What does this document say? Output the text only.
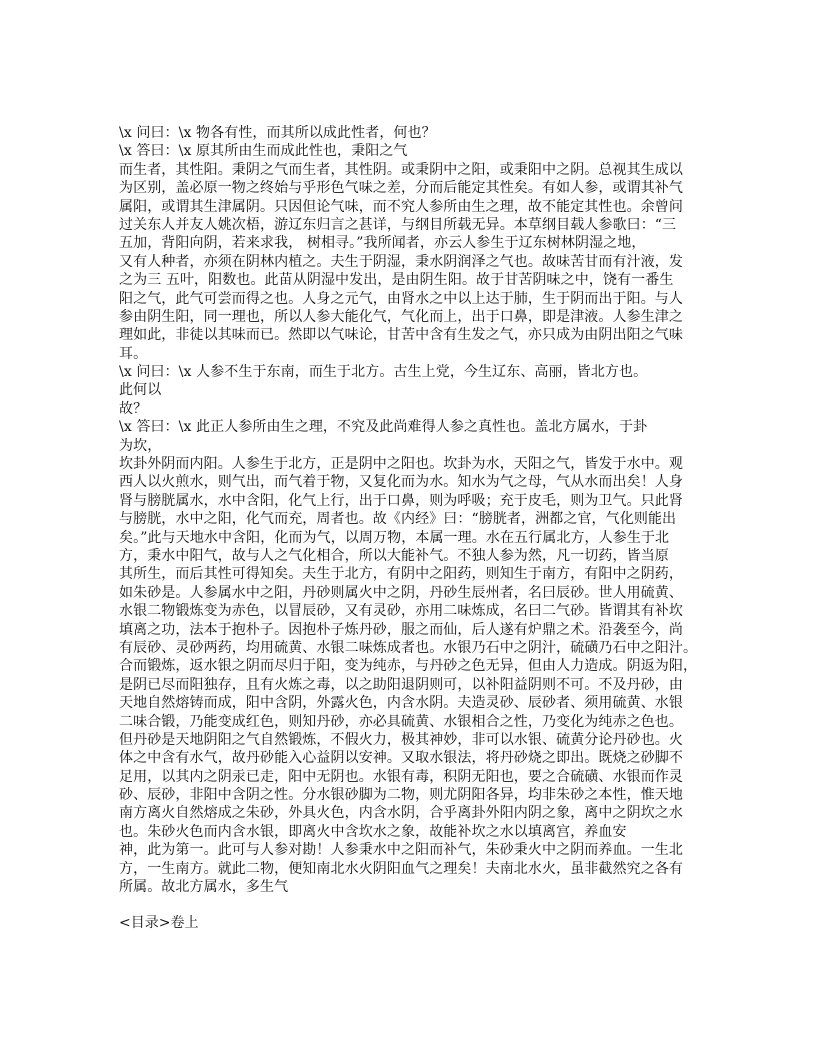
\x 问曰：\x 物各有性，而其所以成此性者，何也？
\x 答曰：\x 原其所由生而成此性也，秉阳之气
而生者，其性阳。秉阴之气而生者，其性阴。或秉阴中之阳，或秉阳中之阴。总视其生成以
为区别，盖必原一物之终始与乎形色气味之差，分而后能定其性矣。有如人参，或谓其补气
属阳，或谓其生津属阴。只因但论气味，而不究人参所由生之理，故不能定其性也。余曾问
过关东人并友人姚次梧，游辽东归言之甚详，与纲目所载无异。本草纲目载人参歌曰：“三
五加，背阳向阴，若来求我， 树相寻。”我所闻者，亦云人参生于辽东树林阴湿之地，
又有人种者，亦须在阴林内植之。夫生于阴湿，秉水阴润泽之气也。故味苦甘而有汁液，发
之为三 五叶，阳数也。此苗从阴湿中发出，是由阴生阳。故于甘苦阴味之中，饶有一番生
阳之气，此气可尝而得之也。人身之元气，由肾水之中以上达于肺，生于阴而出于阳。与人
参由阴生阳，同一理也，所以人参大能化气，气化而上，出于口鼻，即是津液。人参生津之
理如此，非徒以其味而已。然即以气味论，甘苦中含有生发之气，亦只成为由阴出阳之气味
耳。
\x 问曰：\x 人参不生于东南，而生于北方。古生上党，今生辽东、高丽，皆北方也。
此何以
故？
\x 答曰：\x 此正人参所由生之理，不究及此尚难得人参之真性也。盖北方属水，于卦
为坎，
坎卦外阴而内阳。人参生于北方，正是阴中之阳也。坎卦为水，天阳之气，皆发于水中。观
西人以火煎水，则气出，而气着于物，又复化而为水。知水为气之母，气从水而出矣！人身
肾与膀胱属水，水中含阳，化气上行，出于口鼻，则为呼吸；充于皮毛，则为卫气。只此肾
与膀胱，水中之阳，化气而充，周者也。故《内经》曰：“膀胱者，洲都之官，气化则能出
矣。”此与天地水中含阳，化而为气，以周万物，本属一理。水在五行属北方，人参生于北
方，秉水中阳气，故与人之气化相合，所以大能补气。不独人参为然，凡一切药，皆当原
其所生，而后其性可得知矣。夫生于北方，有阴中之阳药，则知生于南方，有阳中之阴药，
如朱砂是。人参属水中之阳，丹砂则属火中之阴，丹砂生辰州者，名曰辰砂。世人用硫黄、
水银二物锻炼变为赤色，以冒辰砂，又有灵砂，亦用二味炼成，名曰二气砂。皆谓其有补坎
填离之功，法本于抱朴子。因抱朴子炼丹砂，服之而仙，后人遂有炉鼎之术。沿袭至今，尚
有辰砂、灵砂两药，均用硫黄、水银二味炼成者也。水银乃石中之阴汁，硫磺乃石中之阳汁。
合而锻炼，返水银之阴而尽归于阳，变为纯赤，与丹砂之色无异，但由人力造成。阴返为阳，
是阴已尽而阳独存，且有火炼之毒，以之助阳退阴则可，以补阳益阴则不可。不及丹砂，由
天地自然熔铸而成，阳中含阴，外露火色，内含水阴。夫造灵砂、辰砂者、须用硫黄、水银
二味合锻，乃能变成红色，则知丹砂，亦必具硫黄、水银相合之性，乃变化为纯赤之色也。
但丹砂是天地阴阳之气自然锻炼，不假火力，极其神妙，非可以水银、硫黄分论丹砂也。火
体之中含有水气，故丹砂能入心益阴以安神。又取水银法，将丹砂烧之即出。既烧之砂脚不
足用，以其内之阴汞已走，阳中无阴也。水银有毒，积阴无阳也，要之合硫磺、水银而作灵
砂、辰砂，非阳中含阴之性。分水银砂脚为二物，则尤阴阳各异，均非朱砂之本性，惟天地
南方离火自然熔成之朱砂，外具火色，内含水阴，合乎离卦外阳内阴之象，离中之阴坎之水
也。朱砂火色而内含水银，即离火中含坎水之象，故能补坎之水以填离宫，养血安
神，此为第一。此可与人参对勘！人参秉水中之阳而补气，朱砂秉火中之阴而养血。一生北
方，一生南方。就此二物，便知南北水火阴阳血气之理矣！夫南北水火，虽非截然究之各有
所属。故北方属水，多生气
<目录>卷上
